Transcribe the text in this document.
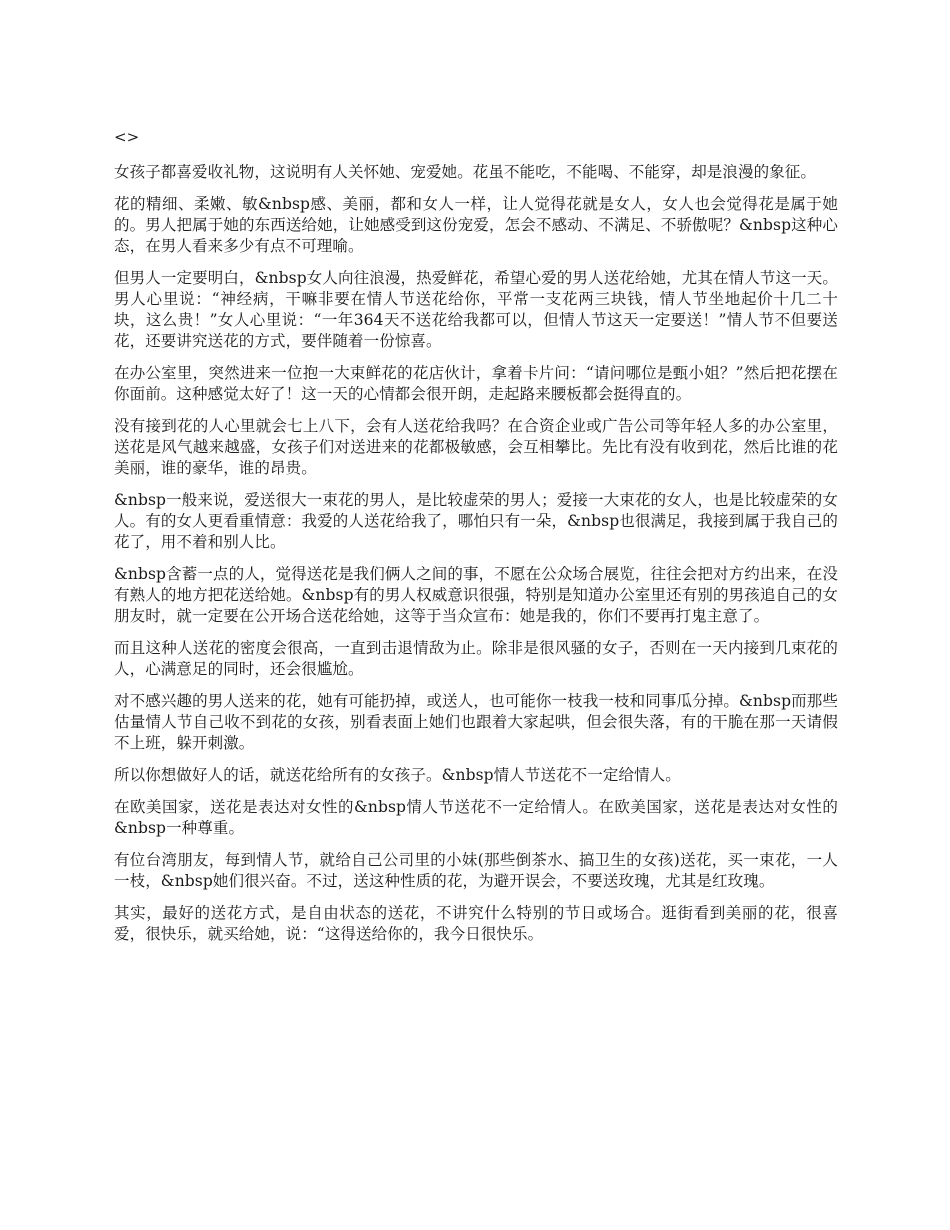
<>

女孩子都喜爱收礼物，这说明有人关怀她、宠爱她。花虽不能吃，不能喝、不能穿，却是浪漫的象征。

花的精细、柔嫩、敏&nbsp感、美丽，都和女人一样，让人觉得花就是女人，女人也会觉得花是属于她的。男人把属于她的东西送给她，让她感受到这份宠爱，怎会不感动、不满足、不骄傲呢？&nbsp这种心态，在男人看来多少有点不可理喻。

但男人一定要明白，&nbsp女人向往浪漫，热爱鲜花，希望心爱的男人送花给她，尤其在情人节这一天。男人心里说：“神经病，干嘛非要在情人节送花给你，平常一支花两三块钱，情人节坐地起价十几二十块，这么贵！”女人心里说：“一年364天不送花给我都可以，但情人节这天一定要送！”情人节不但要送花，还要讲究送花的方式，要伴随着一份惊喜。

在办公室里，突然进来一位抱一大束鲜花的花店伙计，拿着卡片问：“请问哪位是甄小姐？”然后把花摆在你面前。这种感觉太好了！这一天的心情都会很开朗，走起路来腰板都会挺得直的。

没有接到花的人心里就会七上八下，会有人送花给我吗？在合资企业或广告公司等年轻人多的办公室里，送花是风气越来越盛，女孩子们对送进来的花都极敏感，会互相攀比。先比有没有收到花，然后比谁的花美丽，谁的豪华，谁的昂贵。

&nbsp一般来说，爱送很大一束花的男人，是比较虚荣的男人；爱接一大束花的女人，也是比较虚荣的女人。有的女人更看重情意：我爱的人送花给我了，哪怕只有一朵，&nbsp也很满足，我接到属于我自己的花了，用不着和别人比。

&nbsp含蓄一点的人，觉得送花是我们俩人之间的事，不愿在公众场合展览，往往会把对方约出来，在没有熟人的地方把花送给她。&nbsp有的男人权威意识很强，特别是知道办公室里还有别的男孩追自己的女朋友时，就一定要在公开场合送花给她，这等于当众宣布：她是我的，你们不要再打鬼主意了。

而且这种人送花的密度会很高，一直到击退情敌为止。除非是很风骚的女子，否则在一天内接到几束花的人，心满意足的同时，还会很尴尬。

对不感兴趣的男人送来的花，她有可能扔掉，或送人，也可能你一枝我一枝和同事瓜分掉。&nbsp而那些估量情人节自己收不到花的女孩，别看表面上她们也跟着大家起哄，但会很失落，有的干脆在那一天请假不上班，躲开刺激。

所以你想做好人的话，就送花给所有的女孩子。&nbsp情人节送花不一定给情人。

在欧美国家，送花是表达对女性的&nbsp情人节送花不一定给情人。在欧美国家，送花是表达对女性的&nbsp一种尊重。

有位台湾朋友，每到情人节，就给自己公司里的小妹(那些倒茶水、搞卫生的女孩)送花，买一束花，一人一枝，&nbsp她们很兴奋。不过，送这种性质的花，为避开误会，不要送玫瑰，尤其是红玫瑰。

其实，最好的送花方式，是自由状态的送花，不讲究什么特别的节日或场合。逛街看到美丽的花，很喜爱，很快乐，就买给她，说：“这得送给你的，我今日很快乐。
